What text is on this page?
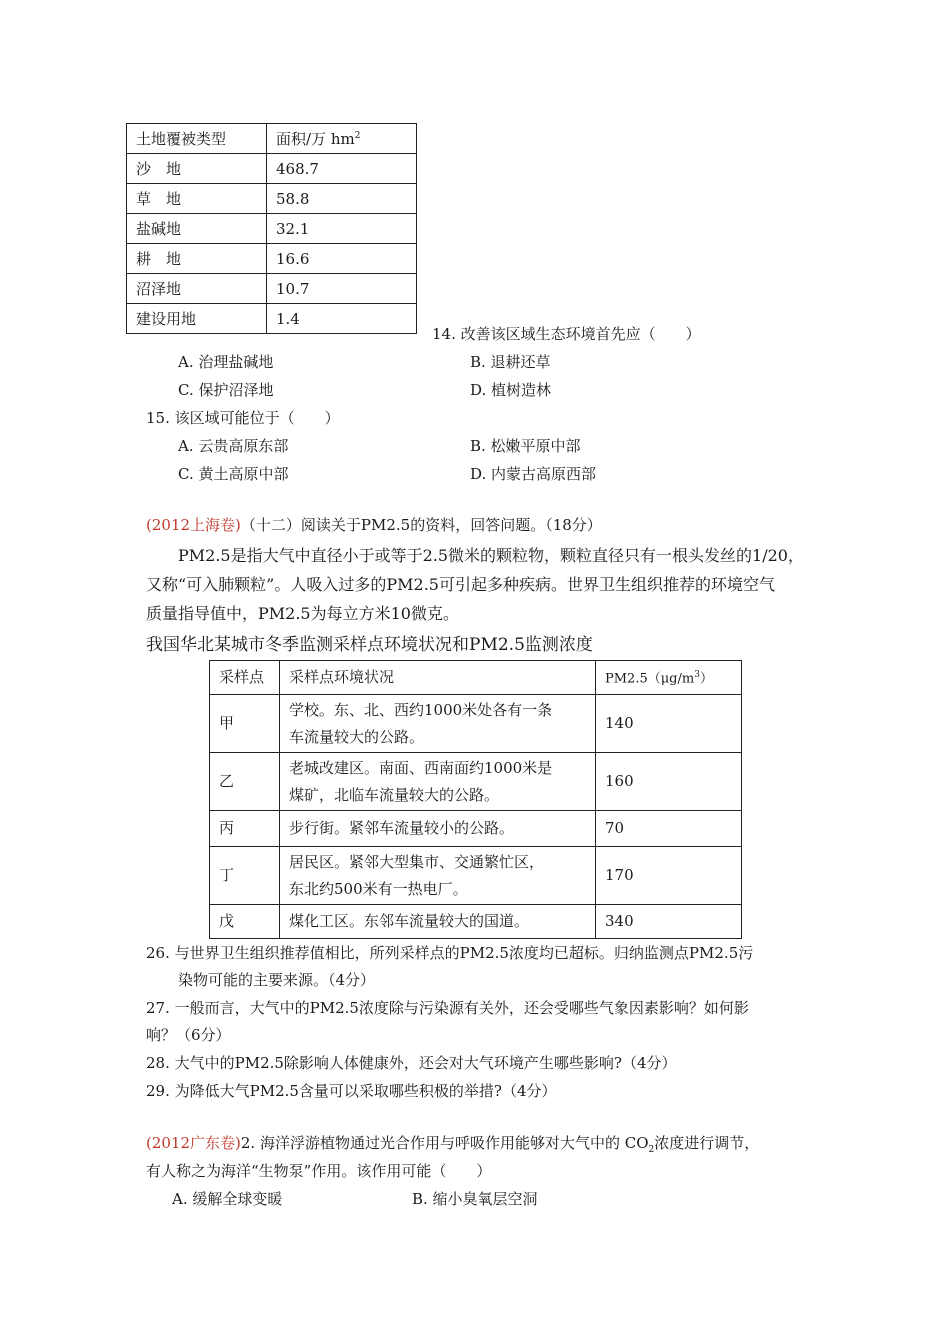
土地覆被类型	面积/万 $hm^2$
沙　地	468.7
草　地	58.8
盐碱地	32.1
耕　地	16.6
沼泽地	10.7
建设用地	1.4
14. 改善该区域生态环境首先应（　　）
A. 治理盐碱地	B. 退耕还草
C. 保护沼泽地	D. 植树造林
15. 该区域可能位于（　　）
A. 云贵高原东部	B. 松嫩平原中部
C. 黄土高原中部	D. 内蒙古高原西部
(2012上海卷)（十二）阅读关于PM2.5的资料，回答问题。（18分）
PM2.5是指大气中直径小于或等于2.5微米的颗粒物，颗粒直径只有一根头发丝的1/20，
又称“可入肺颗粒”。人吸入过多的PM2.5可引起多种疾病。世界卫生组织推荐的环境空气
质量指导值中，PM2.5为每立方米10微克。
我国华北某城市冬季监测采样点环境状况和PM2.5监测浓度
采样点	采样点环境状况	$PM2.5(\mu g/m^3)$
甲	学校。东、北、西约1000米处各有一条
车流量较大的公路。	140
乙	老城改建区。南面、西南面约1000米是
煤矿，北临车流量较大的公路。	160
丙	步行街。紧邻车流量较小的公路。	70
丁	居民区。紧邻大型集市、交通繁忙区，
东北约500米有一热电厂。	170
戊	煤化工区。东邻车流量较大的国道。	340
26. 与世界卫生组织推荐值相比，所列采样点的PM2.5浓度均已超标。归纳监测点PM2.5污
染物可能的主要来源。（4分）
27. 一般而言，大气中的PM2.5浓度除与污染源有关外，还会受哪些气象因素影响？如何影
响？（6分）
28. 大气中的PM2.5除影响人体健康外，还会对大气环境产生哪些影响?（4分）
29. 为降低大气PM2.5含量可以采取哪些积极的举措?（4分）
(2012广东卷)2. 海洋浮游植物通过光合作用与呼吸作用能够对大气中的 $CO_2$浓度进行调节，
有人称之为海洋“生物泵”作用。该作用可能（　　）
A. 缓解全球变暖	B. 缩小臭氧层空洞
